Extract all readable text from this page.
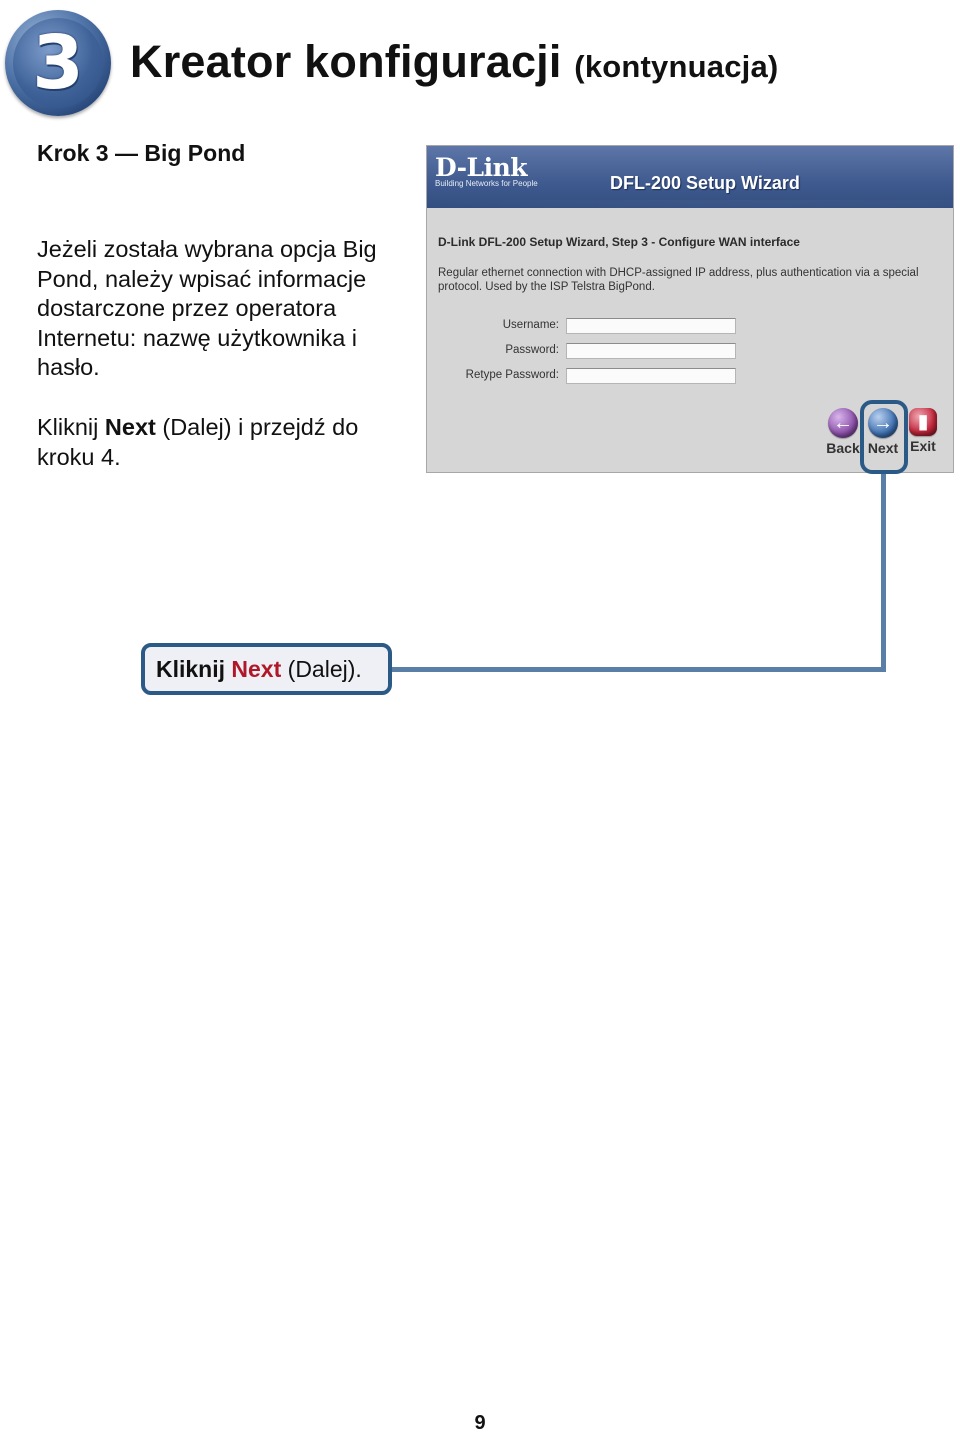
3	Kreator konfiguracji (kontynuacja)
Krok 3 — Big Pond
Jeżeli została wybrana opcja Big Pond, należy wpisać informacje dostarczone przez operatora Internetu: nazwę użytkownika i hasło.
Kliknij Next (Dalej) i przejdź do kroku 4.
D-Link
Building Networks for People	DFL-200 Setup Wizard
D-Link DFL-200 Setup Wizard, Step 3 - Configure WAN interface
Regular ethernet connection with DHCP-assigned IP address, plus authentication via a special protocol. Used by the ISP Telstra BigPond.
Username:
Password:
Retype Password:
←
Back
→
Next
▮
Exit
Kliknij Next (Dalej).
9
